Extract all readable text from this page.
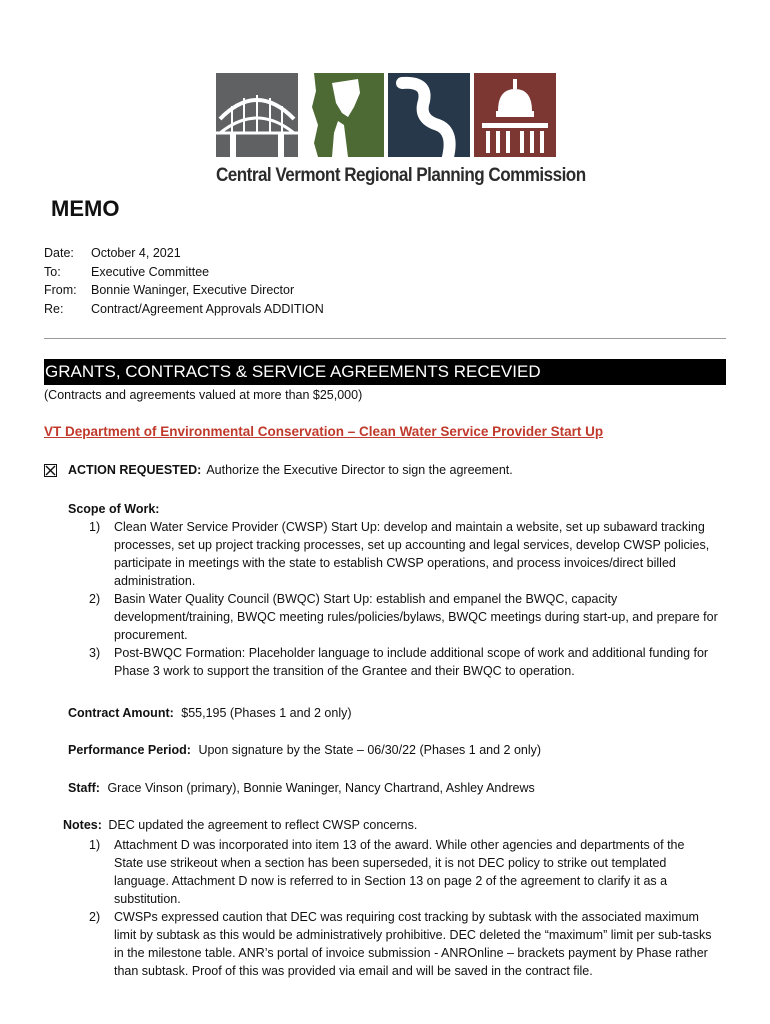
Central Vermont Regional Planning Commission
MEMO
Date:	October 4, 2021
To:	Executive Committee
From:	Bonnie Waninger, Executive Director
Re:	Contract/Agreement Approvals ADDITION
GRANTS, CONTRACTS & SERVICE AGREEMENTS RECEVIED
(Contracts and agreements valued at more than $25,000)
VT Department of Environmental Conservation – Clean Water Service Provider Start Up
ACTION REQUESTED: Authorize the Executive Director to sign the agreement.
Scope of Work:
1)	Clean Water Service Provider (CWSP) Start Up: develop and maintain a website, set up subaward tracking processes, set up project tracking processes, set up accounting and legal services, develop CWSP policies, participate in meetings with the state to establish CWSP operations, and process invoices/direct billed administration.
2)	Basin Water Quality Council (BWQC) Start Up: establish and empanel the BWQC, capacity development/training, BWQC meeting rules/policies/bylaws, BWQC meetings during start-up, and prepare for procurement.
3)	Post-BWQC Formation: Placeholder language to include additional scope of work and additional funding for Phase 3 work to support the transition of the Grantee and their BWQC to operation.
Contract Amount: $55,195 (Phases 1 and 2 only)
Performance Period: Upon signature by the State – 06/30/22 (Phases 1 and 2 only)
Staff: Grace Vinson (primary), Bonnie Waninger, Nancy Chartrand, Ashley Andrews
Notes: DEC updated the agreement to reflect CWSP concerns.
1)	Attachment D was incorporated into item 13 of the award. While other agencies and departments of the State use strikeout when a section has been superseded, it is not DEC policy to strike out templated language. Attachment D now is referred to in Section 13 on page 2 of the agreement to clarify it as a substitution.
2)	CWSPs expressed caution that DEC was requiring cost tracking by subtask with the associated maximum limit by subtask as this would be administratively prohibitive. DEC deleted the “maximum” limit per sub-tasks in the milestone table. ANR’s portal of invoice submission - ANROnline – brackets payment by Phase rather than subtask. Proof of this was provided via email and will be saved in the contract file.
